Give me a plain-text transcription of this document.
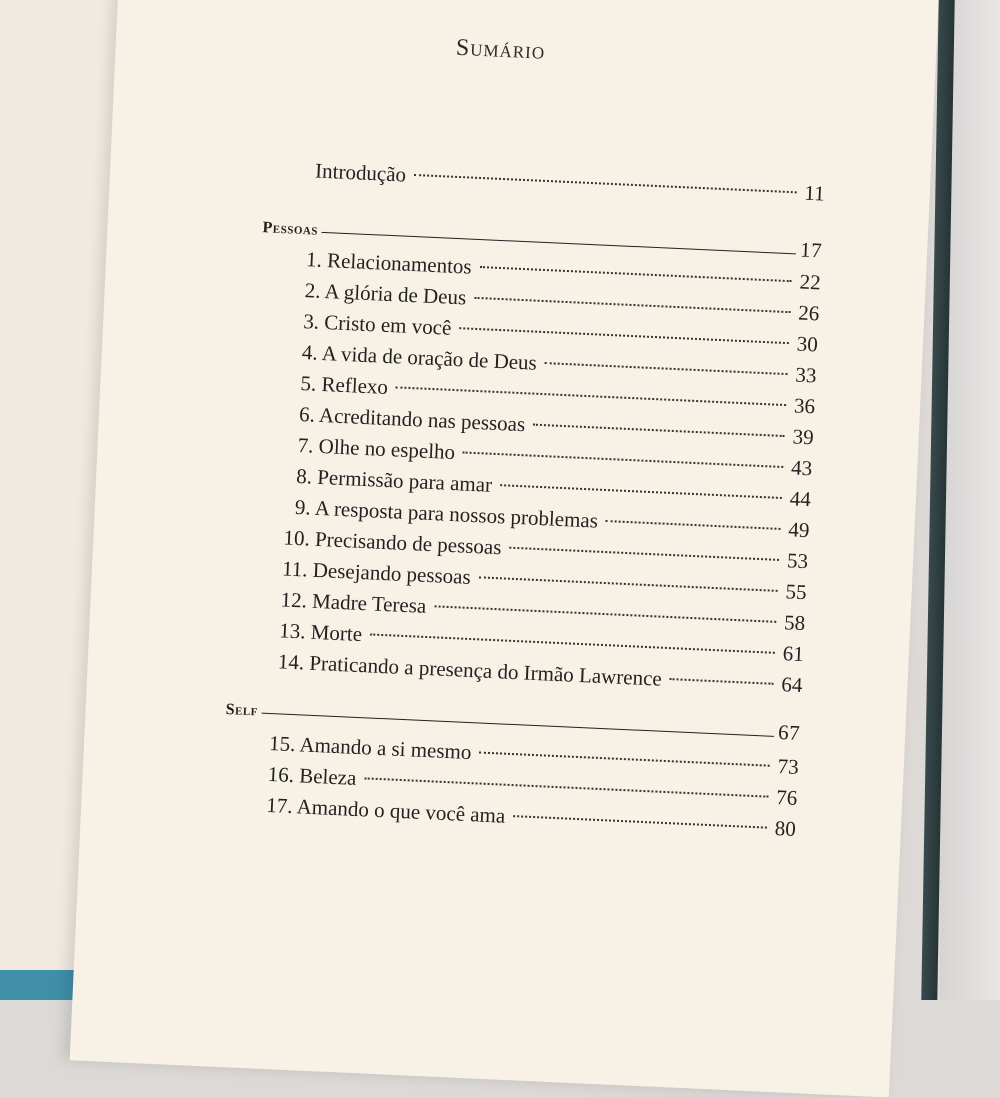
Sumário
Introdução
11
Pessoas
17
1. Relacionamentos
22
2. A glória de Deus
26
3. Cristo em você
30
4. A vida de oração de Deus
33
5. Reflexo
36
6. Acreditando nas pessoas
39
7. Olhe no espelho
43
8. Permissão para amar
44
9. A resposta para nossos problemas	49
10. Precisando de pessoas
53
11. Desejando pessoas
55
12. Madre Teresa
58
13. Morte
61
14. Praticando a presença do Irmão Lawrence	64
Self
67
15. Amando a si mesmo
73
16. Beleza
76
17. Amando o que você ama
80
